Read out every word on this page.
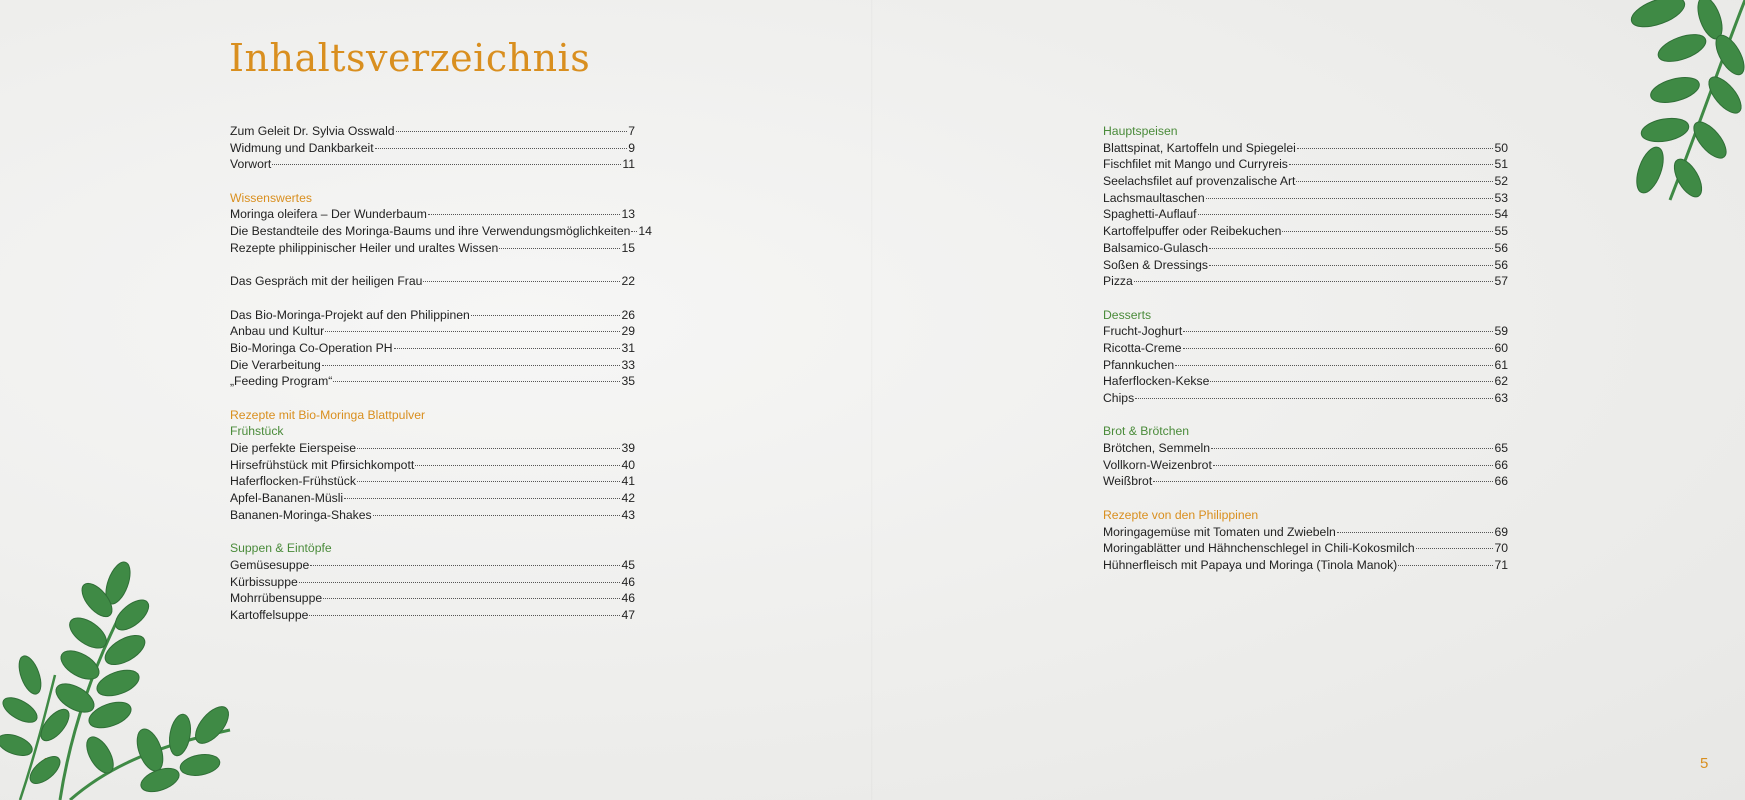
Inhaltsverzeichnis
Zum Geleit Dr. Sylvia Osswald	7
Widmung und Dankbarkeit	9
Vorwort	11
Wissenswertes
Moringa oleifera – Der Wunderbaum	13
Die Bestandteile des Moringa-Baums und ihre Verwendungsmöglichkeiten 14
Rezepte philippinischer Heiler und uraltes Wissen	15
Das Gespräch mit der heiligen Frau	22
Das Bio-Moringa-Projekt auf den Philippinen	26
Anbau und Kultur	29
Bio-Moringa Co-Operation PH	31
Die Verarbeitung	33
„Feeding Program“	35
Rezepte mit Bio-Moringa Blattpulver
Frühstück
Die perfekte Eierspeise	39
Hirsefrühstück mit Pfirsichkompott	40
Haferflocken-Frühstück	41
Apfel-Bananen-Müsli	42
Bananen-Moringa-Shakes	43
Suppen & Eintöpfe
Gemüsesuppe	45
Kürbissuppe	46
Mohrrübensuppe	46
Kartoffelsuppe	47
Hauptspeisen
Blattspinat, Kartoffeln und Spiegelei	50
Fischfilet mit Mango und Curryreis	51
Seelachsfilet auf provenzalische Art	52
Lachsmaultaschen	53
Spaghetti-Auflauf	54
Kartoffelpuffer oder Reibekuchen	55
Balsamico-Gulasch	56
Soßen & Dressings	56
Pizza	57
Desserts
Frucht-Joghurt	59
Ricotta-Creme	60
Pfannkuchen	61
Haferflocken-Kekse	62
Chips	63
Brot & Brötchen
Brötchen, Semmeln	65
Vollkorn-Weizenbrot	66
Weißbrot	66
Rezepte von den Philippinen
Moringagemüse mit Tomaten und Zwiebeln	69
Moringablätter und Hähnchenschlegel in Chili-Kokosmilch	70
Hühnerfleisch mit Papaya und Moringa (Tinola Manok)	71
5
